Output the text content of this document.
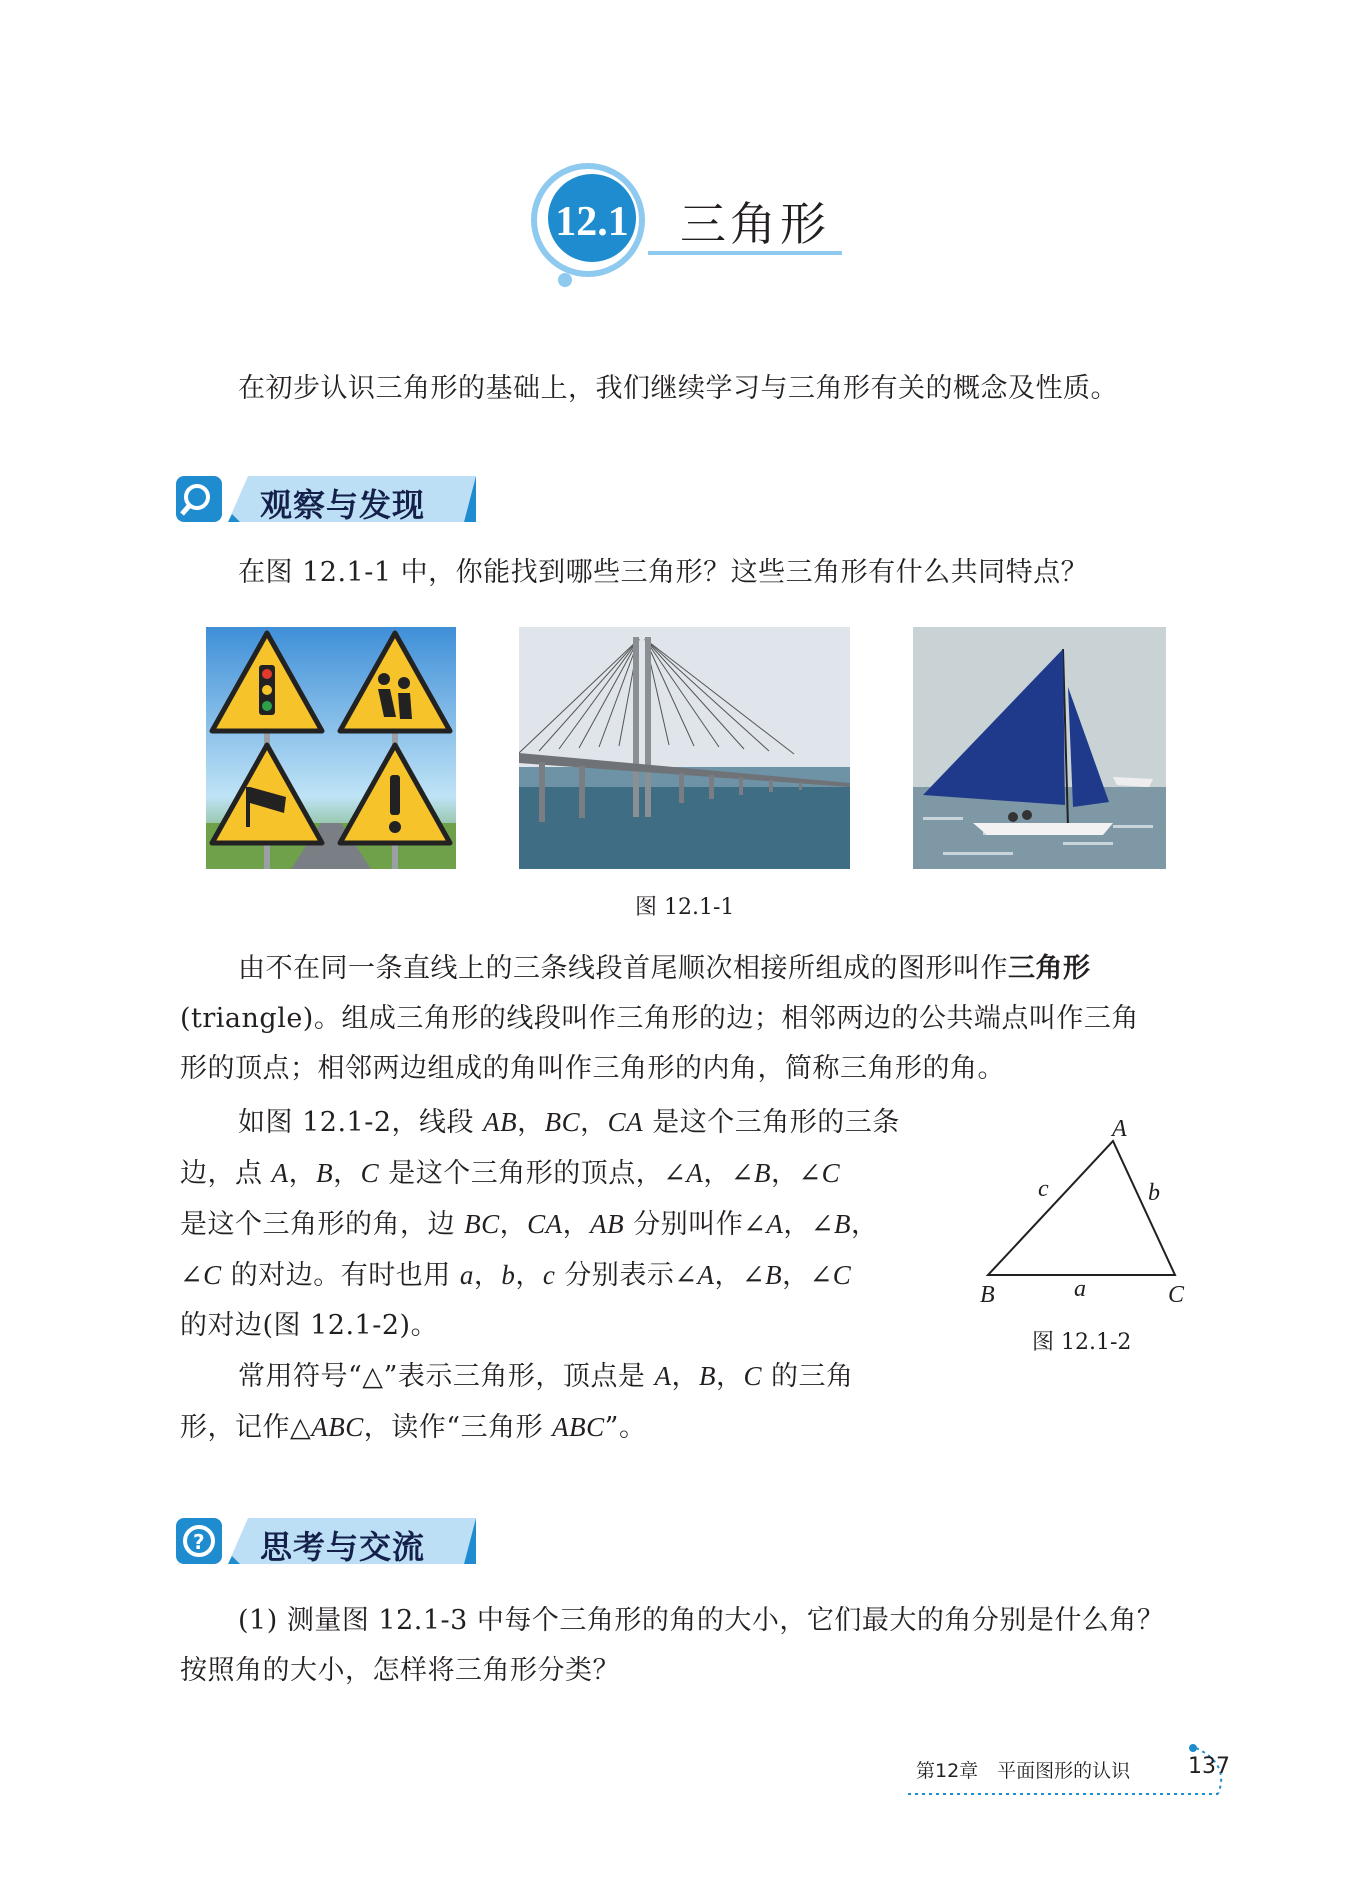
12.1 三角形

在初步认识三角形的基础上，我们继续学习与三角形有关的概念及性质。

观察与发现

在图 12.1-1 中，你能找到哪些三角形？这些三角形有什么共同特点？

图 12.1-1

由不在同一条直线上的三条线段首尾顺次相接所组成的图形叫作三角形
(triangle)。组成三角形的线段叫作三角形的边；相邻两边的公共端点叫作三角
形的顶点；相邻两边组成的角叫作三角形的内角，简称三角形的角。

如图 12.1-2，线段 AB，BC，CA 是这个三角形的三条
边，点 A，B，C 是这个三角形的顶点，∠A，∠B，∠C
是这个三角形的角，边 BC，CA，AB 分别叫作∠A，∠B，
∠C 的对边。有时也用 a，b，c 分别表示∠A，∠B，∠C
的对边(图 12.1-2)。

A
B	C
a
b
c
图 12.1-2

常用符号“△”表示三角形，顶点是 A，B，C 的三角
形，记作△ABC，读作“三角形 ABC”。

? 思考与交流

(1) 测量图 12.1-3 中每个三角形的角的大小，它们最大的角分别是什么角？
按照角的大小，怎样将三角形分类？

第12章　平面图形的认识	137
